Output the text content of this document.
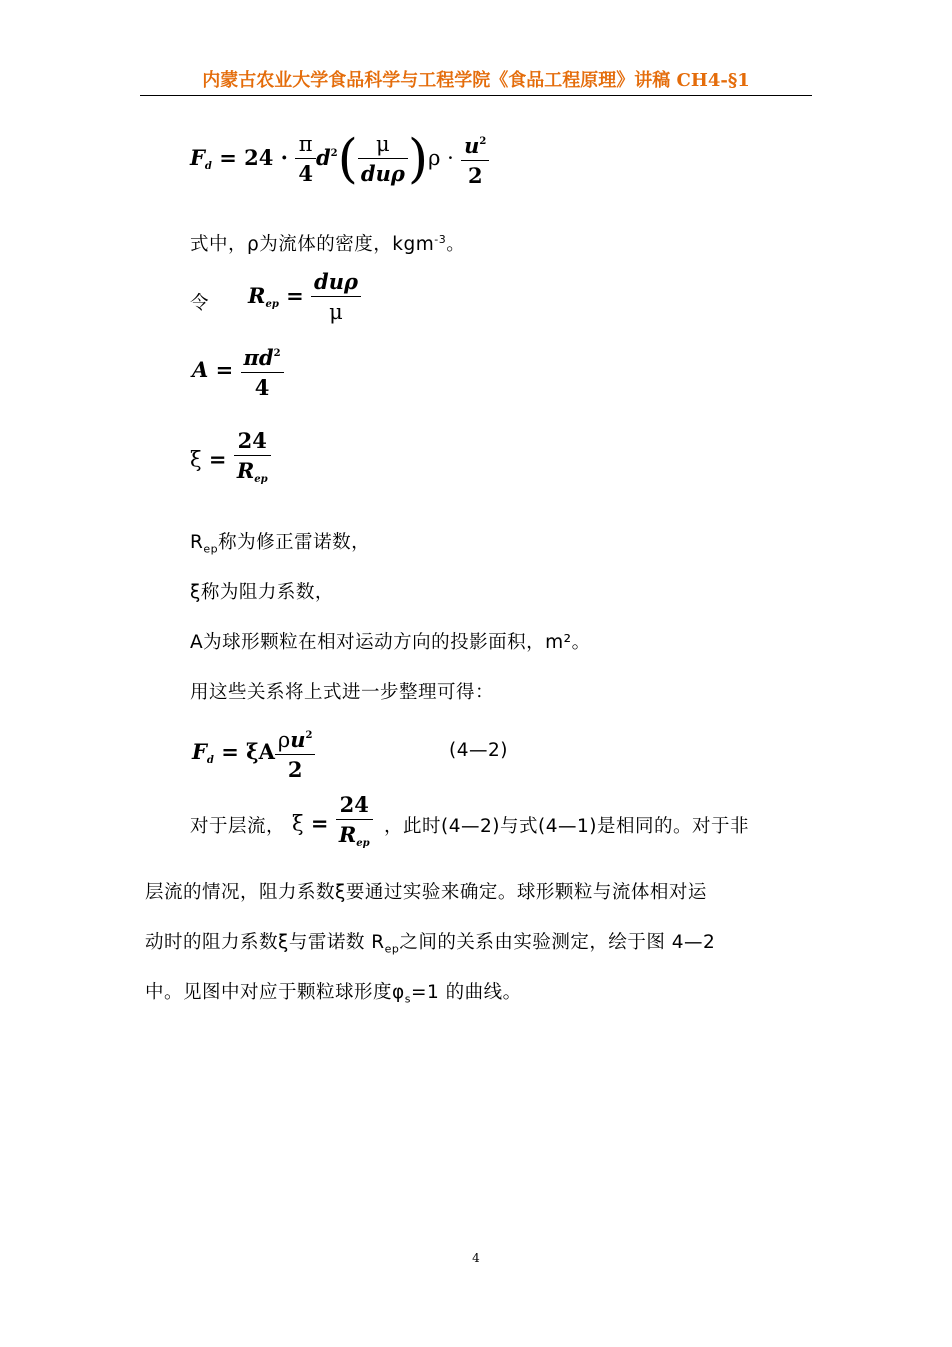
内蒙古农业大学食品科学与工程学院《食品工程原理》讲稿 CH4-§1
$F_d = 24 \cdot \frac{\pi}{4} d^2( \frac{\mu}{\text{duρ}} )\rho \cdot \frac{u^2}{2}$
式中，ρ为流体的密度，kgm$^{-3}$。
令 $R_{ep} = \frac{\text{duρ}}{\mu}$
$A = \frac{\pi d^2}{4}$
$\xi = \frac{24}{R_{ep}}$
$R_{ep}$称为修正雷诺数，
ξ称为阻力系数，
A为球形颗粒在相对运动方向的投影面积，m²。
用这些关系将上式进一步整理可得：
$F_d = \xi A \frac{\rho u^2}{2}$	(4—2)
对于层流， $\xi = \frac{24}{R_{ep}}$ ，此时(4—2)与式(4—1)是相同的。对于非
层流的情况，阻力系数ξ要通过实验来确定。球形颗粒与流体相对运
动时的阻力系数ξ与雷诺数 $R_{ep}$之间的关系由实验测定，绘于图 4—2
中。见图中对应于颗粒球形度$\varphi_s=1$ 的曲线。
4
